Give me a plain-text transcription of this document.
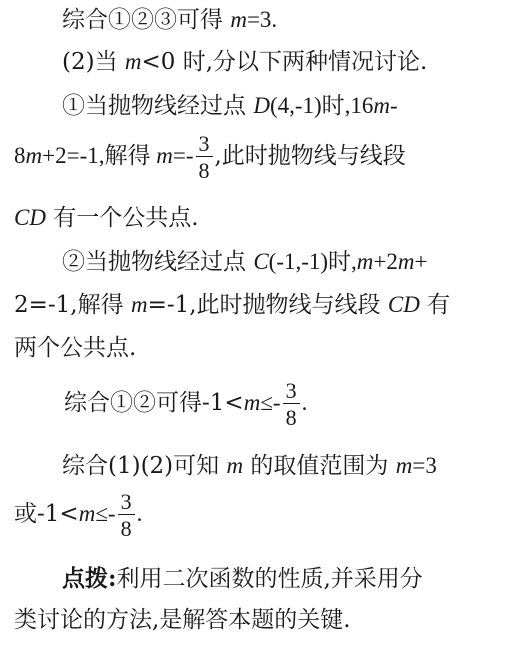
综合①②③可得 m=3.
(2)当 m<0 时,分以下两种情况讨论.
①当抛物线经过点 D(4,-1)时,16m-
8m+2=-1,解得 $m=- \frac{3}{8}$ ,此时抛物线与线段
CD 有一个公共点.
②当抛物线经过点 C(-1,-1)时,m+2m+
2=-1,解得 m=-1,此时抛物线与线段 CD 有
两个公共点.
综合①②可得$-1<m\le- \frac{3}{8}$ .
综合(1)(2)可知 m 的取值范围为 m=3
或$-1<m\le- \frac{3}{8}$ .
点拨:利用二次函数的性质,并采用分
类讨论的方法,是解答本题的关键.
